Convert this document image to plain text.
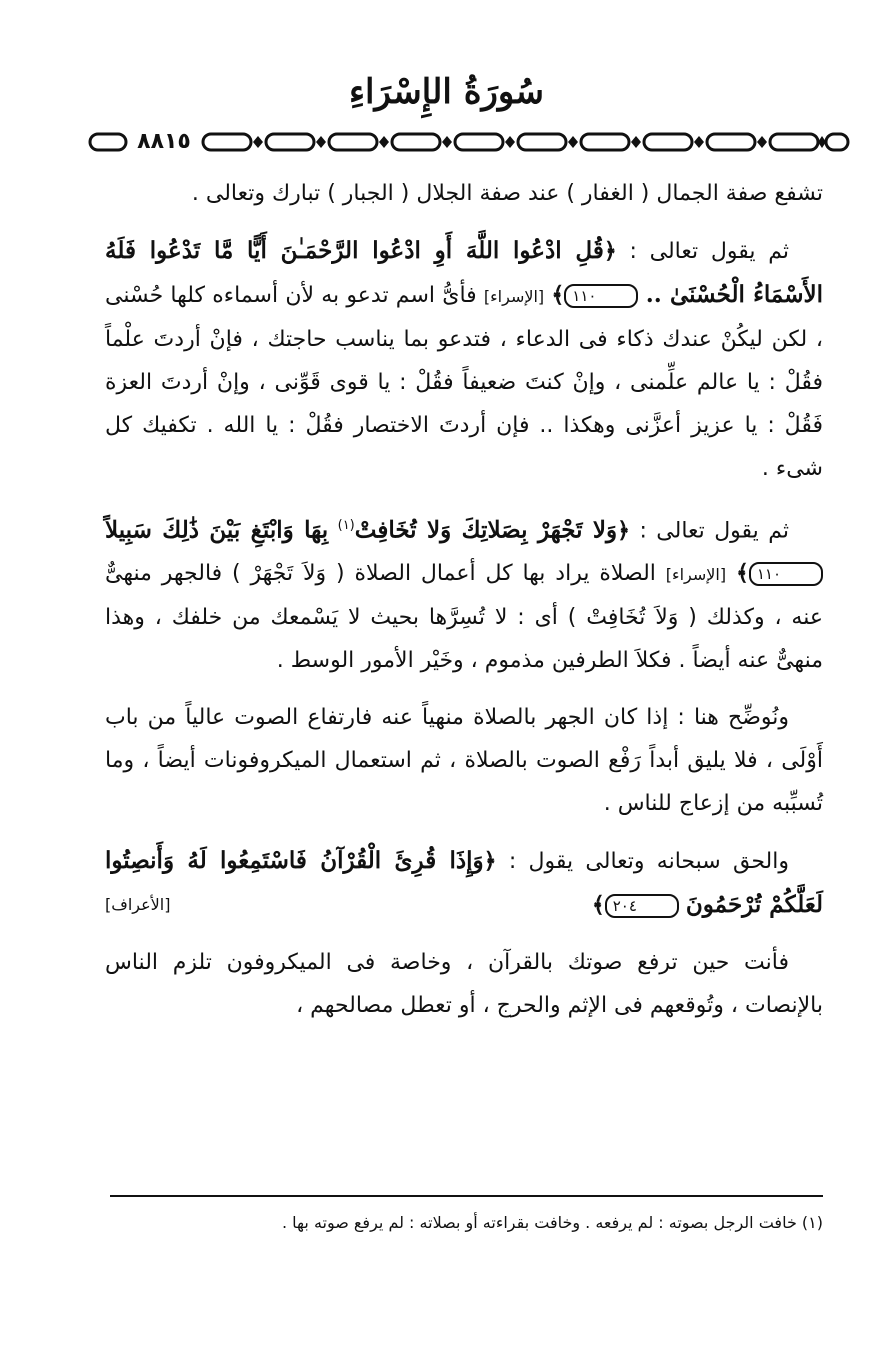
سُورَةُ الإِسْرَاءِ
٨٨١٥

تشفع صفة الجمال ( الغفار ) عند صفة الجلال ( الجبار ) تبارك وتعالى .

ثم يقول تعالى : ﴿قُلِ ادْعُوا اللَّهَ أَوِ ادْعُوا الرَّحْمَـٰنَ أَيًّا مَّا تَدْعُوا فَلَهُ الأَسْمَاءُ الْحُسْنَىٰ .. ١١٠﴾ [الإسراء] فأىُّ اسم تدعو به لأن أسماءه كلها حُسْنى ، لكن ليكُنْ عندك ذكاء فى الدعاء ، فتدعو بما يناسب حاجتك ، فإنْ أردتَ علْماً فقُلْ : يا عالم علِّمنى ، وإنْ كنتَ ضعيفاً فقُلْ : يا قوى قَوِّنى ، وإنْ أردتَ العزة فَقُلْ : يا عزيز أعزَّنى وهكذا .. فإن أردتَ الاختصار فقُلْ : يا الله . تكفيك كل شىء .

ثم يقول تعالى : ﴿وَلا تَجْهَرْ بِصَلاتِكَ وَلا تُخَافِتْ$^{(١)}$ بِهَا وَابْتَغِ بَيْنَ ذَٰلِكَ سَبِيلاً ١١٠﴾ [الإسراء] الصلاة يراد بها كل أعمال الصلاة ( وَلاَ تَجْهَرْ ) فالجهر منهىٌّ عنه ، وكذلك ( وَلاَ تُخَافِتْ ) أى : لا تُسِرَّها بحيث لا يَسْمعك من خلفك ، وهذا منهىٌّ عنه أيضاً . فكلاَ الطرفين مذموم ، وخَيْر الأمور الوسط .

ونُوضِّح هنا : إذا كان الجهر بالصلاة منهياً عنه فارتفاع الصوت عالياً من باب أَوْلَى ، فلا يليق أبداً رَفْع الصوت بالصلاة ، ثم استعمال الميكروفونات أيضاً ، وما تُسبِّبه من إزعاج للناس .

والحق سبحانه وتعالى يقول : ﴿وَإِذَا قُرِئَ الْقُرْآنُ فَاسْتَمِعُوا لَهُ وَأَنصِتُوا لَعَلَّكُمْ تُرْحَمُونَ ٢٠٤﴾
[الأعراف]

فأنت حين ترفع صوتك بالقرآن ، وخاصة فى الميكروفون تلزم الناس بالإنصات ، وتُوقعهم فى الإثم والحرج ، أو تعطل مصالحهم ،

(١) خافت الرجل بصوته : لم يرفعه . وخافت بقراءته أو بصلاته : لم يرفع صوته بها .
